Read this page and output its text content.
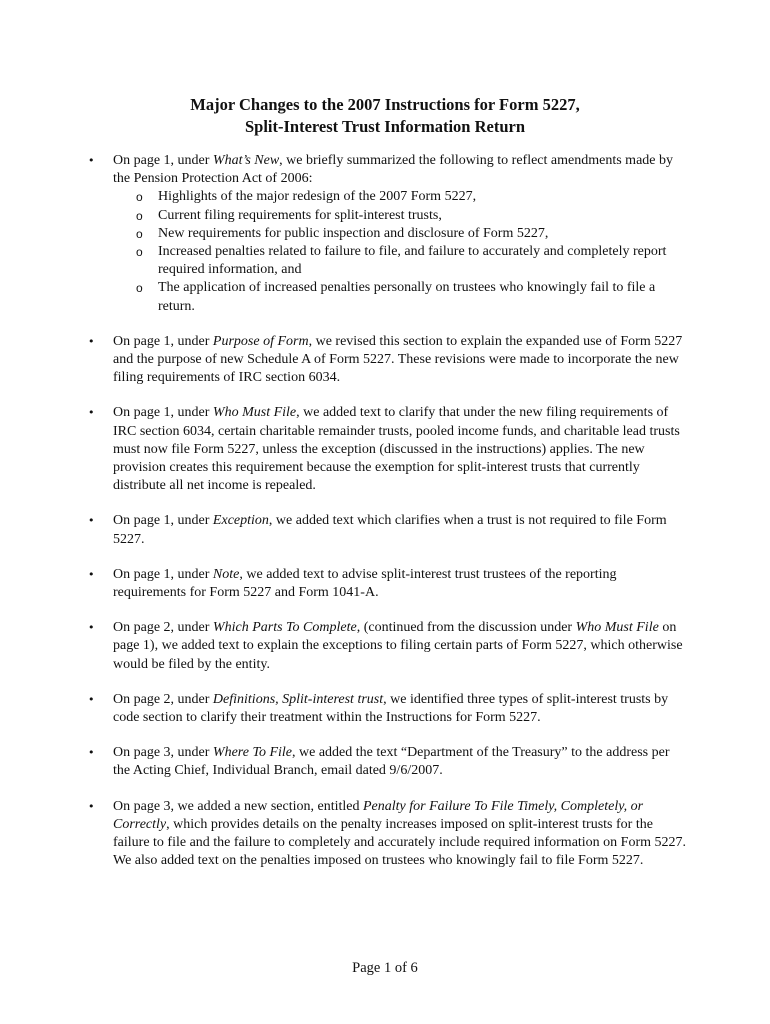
Major Changes to the 2007 Instructions for Form 5227,
Split-Interest Trust Information Return
• On page 1, under What’s New, we briefly summarized the following to reflect amendments made by the Pension Protection Act of 2006:
o Highlights of the major redesign of the 2007 Form 5227,
o Current filing requirements for split-interest trusts,
o New requirements for public inspection and disclosure of Form 5227,
o Increased penalties related to failure to file, and failure to accurately and completely report required information, and
o The application of increased penalties personally on trustees who knowingly fail to file a return.
• On page 1, under Purpose of Form, we revised this section to explain the expanded use of Form 5227 and the purpose of new Schedule A of Form 5227. These revisions were made to incorporate the new filing requirements of IRC section 6034.
• On page 1, under Who Must File, we added text to clarify that under the new filing requirements of IRC section 6034, certain charitable remainder trusts, pooled income funds, and charitable lead trusts must now file Form 5227, unless the exception (discussed in the instructions) applies. The new provision creates this requirement because the exemption for split-interest trusts that currently distribute all net income is repealed.
• On page 1, under Exception, we added text which clarifies when a trust is not required to file Form 5227.
• On page 1, under Note, we added text to advise split-interest trust trustees of the reporting requirements for Form 5227 and Form 1041-A.
• On page 2, under Which Parts To Complete, (continued from the discussion under Who Must File on page 1), we added text to explain the exceptions to filing certain parts of Form 5227, which otherwise would be filed by the entity.
• On page 2, under Definitions, Split-interest trust, we identified three types of split-interest trusts by code section to clarify their treatment within the Instructions for Form 5227.
• On page 3, under Where To File, we added the text “Department of the Treasury” to the address per the Acting Chief, Individual Branch, email dated 9/6/2007.
• On page 3, we added a new section, entitled Penalty for Failure To File Timely, Completely, or Correctly, which provides details on the penalty increases imposed on split-interest trusts for the failure to file and the failure to completely and accurately include required information on Form 5227. We also added text on the penalties imposed on trustees who knowingly fail to file Form 5227.
Page 1 of 6
